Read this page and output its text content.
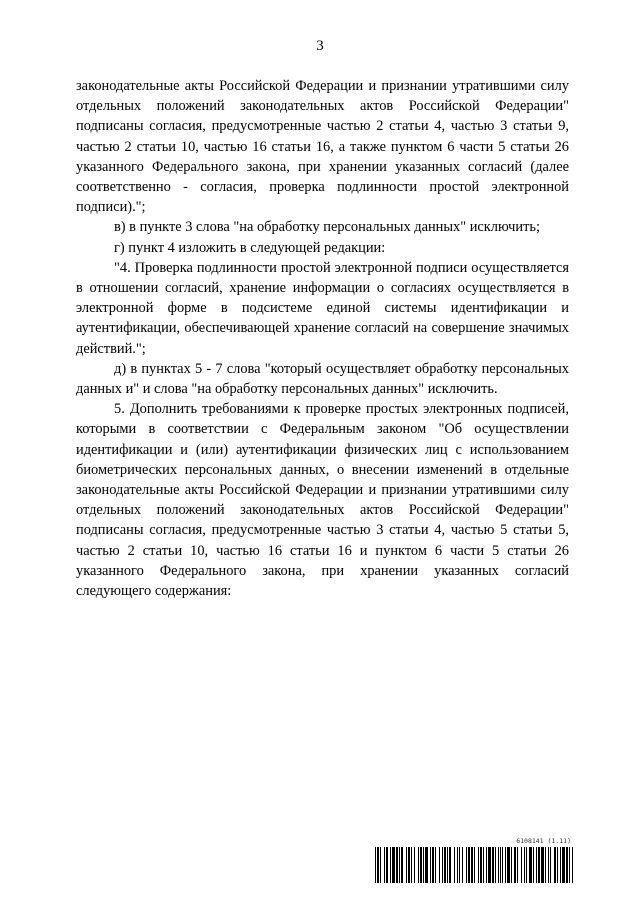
3

законодательные акты Российской Федерации и признании утратившими силу отдельных положений законодательных актов Российской Федерации" подписаны согласия, предусмотренные частью 2 статьи 4, частью 3 статьи 9, частью 2 статьи 10, частью 16 статьи 16, а также пунктом 6 части 5 статьи 26 указанного Федерального закона, при хранении указанных согласий (далее соответственно - согласия, проверка подлинности простой электронной подписи).";

в) в пункте 3 слова "на обработку персональных данных" исключить;

г) пункт 4 изложить в следующей редакции:

"4. Проверка подлинности простой электронной подписи осуществляется в отношении согласий, хранение информации о согласиях осуществляется в электронной форме в подсистеме единой системы идентификации и аутентификации, обеспечивающей хранение согласий на совершение значимых действий.";

д) в пунктах 5 - 7 слова "который осуществляет обработку персональных данных и" и слова "на обработку персональных данных" исключить.

5. Дополнить требованиями к проверке простых электронных подписей, которыми в соответствии с Федеральным законом "Об осуществлении идентификации и (или) аутентификации физических лиц с использованием биометрических персональных данных, о внесении изменений в отдельные законодательные акты Российской Федерации и признании утратившими силу отдельных положений законодательных актов Российской Федерации" подписаны согласия, предусмотренные частью 3 статьи 4, частью 5 статьи 5, частью 2 статьи 10, частью 16 статьи 16 и пунктом 6 части 5 статьи 26 указанного Федерального закона, при хранении указанных согласий следующего содержания:

6108141 (1.11)
